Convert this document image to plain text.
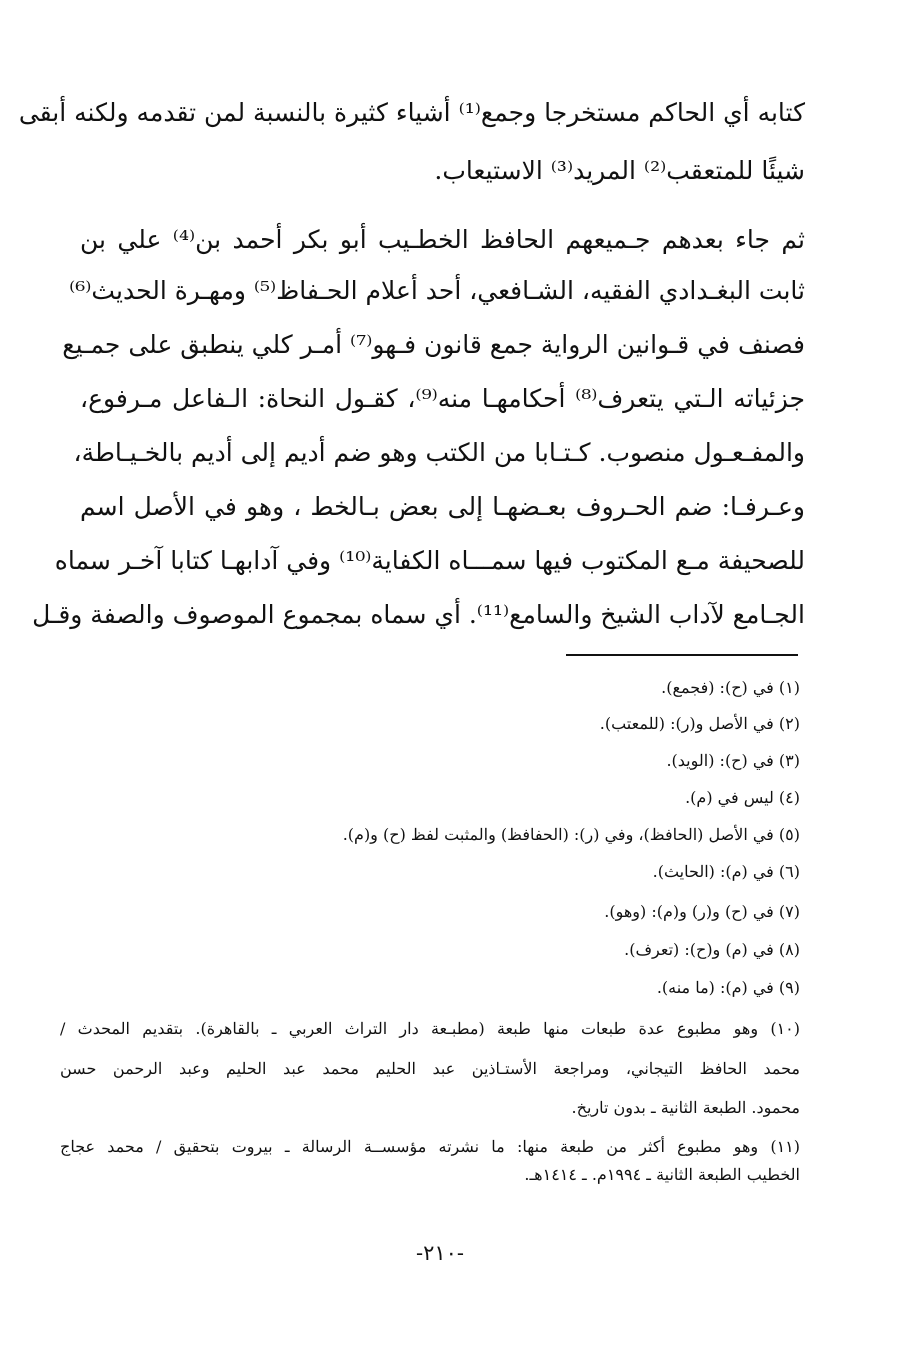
كتابه أي الحاكم مستخرجا وجمع⁽¹⁾ أشياء كثيرة بالنسبة لمن تقدمه ولكنه أبقى
شيئًا للمتعقب⁽²⁾ المريد⁽³⁾ الاستيعاب.
ثم جاء بعدهم جـميعهم الحافظ الخطـيب أبو بكر أحمد بن⁽⁴⁾ علي بن
ثابت البغـدادي الفقيه، الشـافعي، أحد أعلام الحـفاظ⁽⁵⁾ ومهـرة الحديث⁽⁶⁾
فصنف في قـوانين الرواية جمع قانون فـهو⁽⁷⁾ أمـر كلي ينطبق على جمـيع
جزئياته الـتي يتعرف⁽⁸⁾ أحكامهـا منه⁽⁹⁾، كقـول النحاة: الـفاعل مـرفوع،
والمفـعـول منصوب. كـتـابا من الكتب وهو ضم أديم إلى أديم بالخـيـاطة،
وعـرفـا: ضم الحـروف بعـضهـا إلى بعض بـالخط ، وهو في الأصل اسم
للصحيفة مـع المكتوب فيها سمـــاه الكفاية⁽¹⁰⁾ وفي آدابهـا كتابا آخـر سماه
الجـامع لآداب الشيخ والسامع⁽¹¹⁾. أي سماه بمجموع الموصوف والصفة وقـل
(١) في (ح): (فجمع).
(٢) في الأصل و(ر): (للمعتب).
(٣) في (ح): (الويد).
(٤) ليس في (م).
(٥) في الأصل (الحافظ)، وفي (ر): (الحفافظ) والمثبت لفظ (ح) و(م).
(٦) في (م): (الحايث).
(٧) في (ح) و(ر) و(م): (وهو).
(٨) في (م) و(ح): (تعرف).
(٩) في (م): (ما منه).
(١٠) وهو مطبوع عدة طبعات منها طبعة (مطبـعة دار التراث العربي ـ بالقاهرة). بتقديم المحدث /
محمد الحافظ التيجاني، ومراجعة الأستـاذين عبد الحليم محمد عبد الحليم وعبد الرحمن حسن
محمود. الطبعة الثانية ـ بدون تاريخ.
(١١) وهو مطبوع أكثر من طبعة منها: ما نشرته مؤسســة الرسالة ـ بيروت بتحقيق / محمد عجاج
الخطيب الطبعة الثانية ـ ١٩٩٤م. ـ ١٤١٤هـ.
-٢١٠-
